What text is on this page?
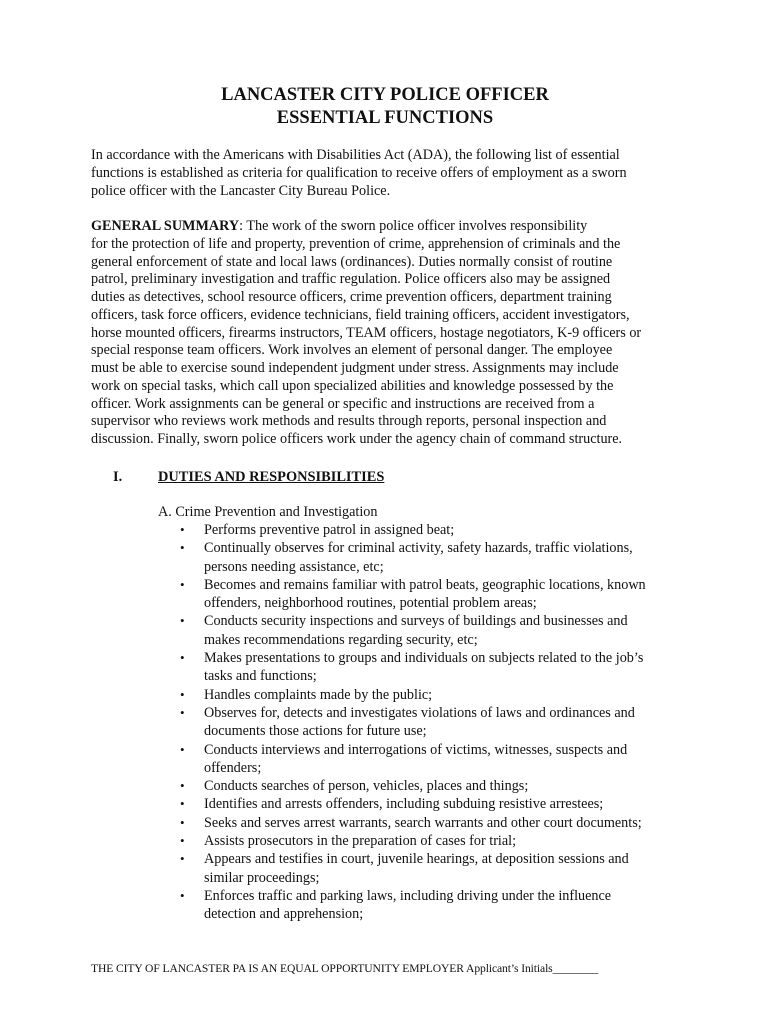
LANCASTER CITY POLICE OFFICER
ESSENTIAL FUNCTIONS
In accordance with the Americans with Disabilities Act (ADA), the following list of essential
functions is established as criteria for qualification to receive offers of employment as a sworn
police officer with the Lancaster City Bureau Police.
GENERAL SUMMARY: The work of the sworn police officer involves responsibility
for the protection of life and property, prevention of crime, apprehension of criminals and the
general enforcement of state and local laws (ordinances). Duties normally consist of routine
patrol, preliminary investigation and traffic regulation. Police officers also may be assigned
duties as detectives, school resource officers, crime prevention officers, department training
officers, task force officers, evidence technicians, field training officers, accident investigators,
horse mounted officers, firearms instructors, TEAM officers, hostage negotiators, K-9 officers or
special response team officers. Work involves an element of personal danger. The employee
must be able to exercise sound independent judgment under stress. Assignments may include
work on special tasks, which call upon specialized abilities and knowledge possessed by the
officer. Work assignments can be general or specific and instructions are received from a
supervisor who reviews work methods and results through reports, personal inspection and
discussion. Finally, sworn police officers work under the agency chain of command structure.
I. DUTIES AND RESPONSIBILITIES
A. Crime Prevention and Investigation
• Performs preventive patrol in assigned beat;
• Continually observes for criminal activity, safety hazards, traffic violations,
persons needing assistance, etc;
• Becomes and remains familiar with patrol beats, geographic locations, known
offenders, neighborhood routines, potential problem areas;
• Conducts security inspections and surveys of buildings and businesses and
makes recommendations regarding security, etc;
• Makes presentations to groups and individuals on subjects related to the job’s
tasks and functions;
• Handles complaints made by the public;
• Observes for, detects and investigates violations of laws and ordinances and
documents those actions for future use;
• Conducts interviews and interrogations of victims, witnesses, suspects and
offenders;
• Conducts searches of person, vehicles, places and things;
• Identifies and arrests offenders, including subduing resistive arrestees;
• Seeks and serves arrest warrants, search warrants and other court documents;
• Assists prosecutors in the preparation of cases for trial;
• Appears and testifies in court, juvenile hearings, at deposition sessions and
similar proceedings;
• Enforces traffic and parking laws, including driving under the influence
detection and apprehension;
THE CITY OF LANCASTER PA IS AN EQUAL OPPORTUNITY EMPLOYER Applicant’s Initials________
